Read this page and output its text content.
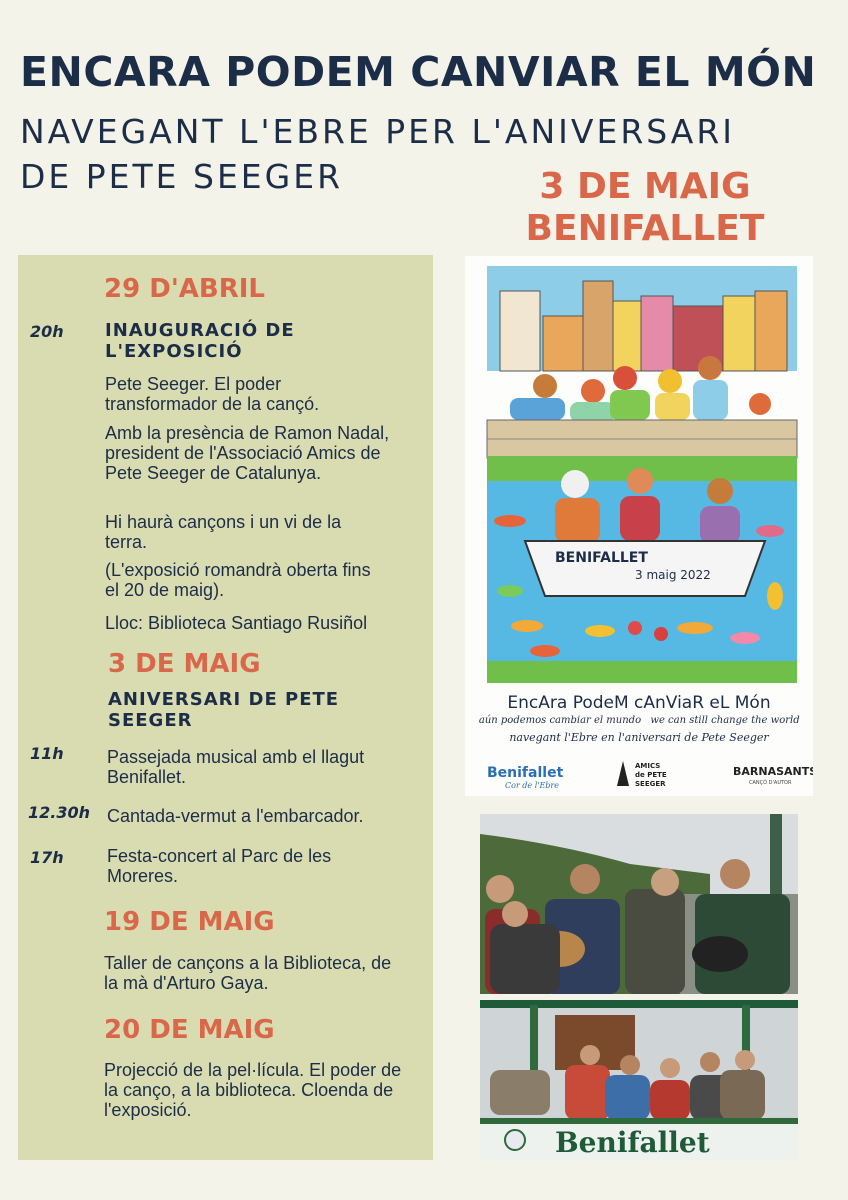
ENCARA PODEM CANVIAR EL MÓN
NAVEGANT L'EBRE PER L'ANIVERSARI
DE PETE SEEGER	3 DE MAIG
BENIFALLET
29 D'ABRIL
20h INAUGURACIÓ DE
L'EXPOSICIÓ
Pete Seeger. El poder transformador de la cançó.
Amb la presència de Ramon Nadal, president de l'Associació Amics de Pete Seeger de Catalunya.
Hi haurà cançons i un vi de la terra.
(L'exposició romandrà oberta fins el 20 de maig).
Lloc: Biblioteca Santiago Rusiñol
3 DE MAIG
ANIVERSARI DE PETE
SEEGER
11h Passejada musical amb el llagut Benifallet.
12.30h Cantada-vermut a l'embarcador.
17h Festa-concert al Parc de les Moreres.
19 DE MAIG
Taller de cançons a la Biblioteca, de la mà d'Arturo Gaya.
20 DE MAIG
Projecció de la pel·lícula. El poder de la canço, a la biblioteca. Cloenda de l'exposició.
BENIFALLET
3 maig 2022
EncAra PodeM cAnViaR eL Món
aún podemos cambiar el mundo we can still change the world
navegant l'Ebre en l'aniversari de Pete Seeger
Benifallet
Cor de l'Ebre
AMICS
de PETE
SEEGER
BARNASANTS
CANÇÓ D'AUTOR
Benifallet
